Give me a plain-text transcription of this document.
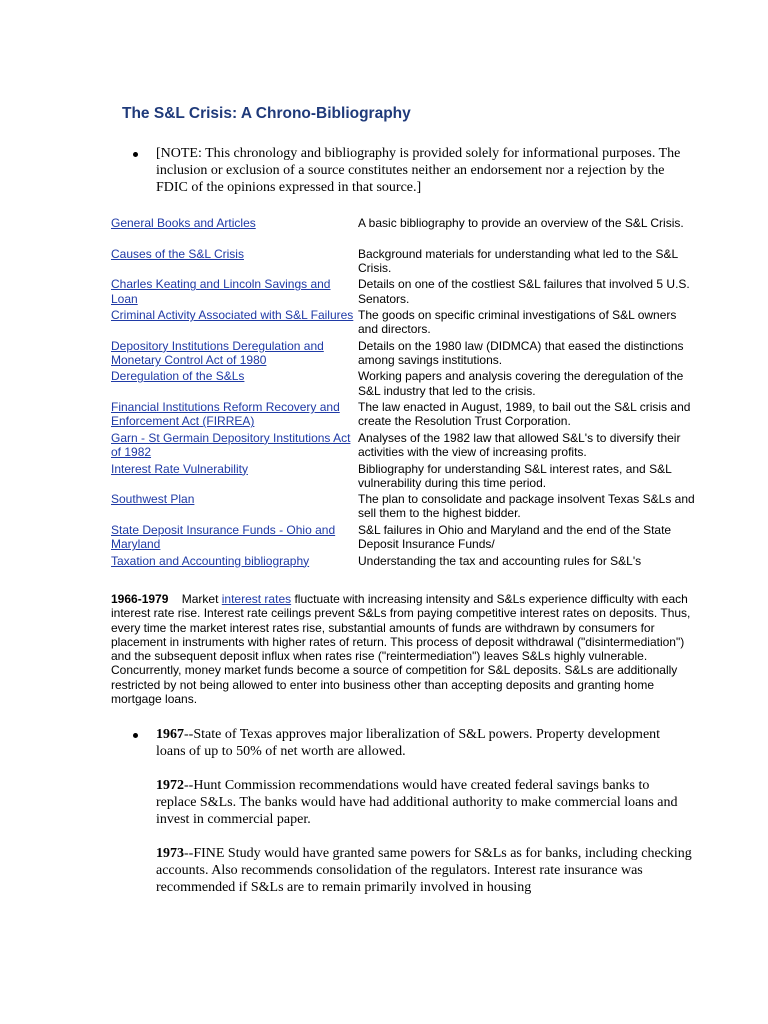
The S&L Crisis: A Chrono-Bibliography
[NOTE: This chronology and bibliography is provided solely for informational purposes. The inclusion or exclusion of a source constitutes neither an endorsement nor a rejection by the FDIC of the opinions expressed in that source.]
General Books and Articles	A basic bibliography to provide an overview of the S&L Crisis.
Causes of the S&L Crisis	Background materials for understanding what led to the S&L Crisis.
Charles Keating and Lincoln Savings and Loan	Details on one of the costliest S&L failures that involved 5 U.S. Senators.
Criminal Activity Associated with S&L Failures	The goods on specific criminal investigations of S&L owners and directors.
Depository Institutions Deregulation and Monetary Control Act of 1980	Details on the 1980 law (DIDMCA) that eased the distinctions among savings institutions.
Deregulation of the S&Ls	Working papers and analysis covering the deregulation of the S&L industry that led to the crisis.
Financial Institutions Reform Recovery and Enforcement Act (FIRREA)	The law enacted in August, 1989, to bail out the S&L crisis and create the Resolution Trust Corporation.
Garn - St Germain Depository Institutions Act of 1982	Analyses of the 1982 law that allowed S&L's to diversify their activities with the view of increasing profits.
Interest Rate Vulnerability	Bibliography for understanding S&L interest rates, and S&L vulnerability during this time period.
Southwest Plan	The plan to consolidate and package insolvent Texas S&Ls and sell them to the highest bidder.
State Deposit Insurance Funds - Ohio and Maryland	S&L failures in Ohio and Maryland and the end of the State Deposit Insurance Funds/
Taxation and Accounting bibliography	Understanding the tax and accounting rules for S&L's

1966-1979 Market interest rates fluctuate with increasing intensity and S&Ls experience difficulty with each interest rate rise. Interest rate ceilings prevent S&Ls from paying competitive interest rates on deposits. Thus, every time the market interest rates rise, substantial amounts of funds are withdrawn by consumers for placement in instruments with higher rates of return. This process of deposit withdrawal ("disintermediation") and the subsequent deposit influx when rates rise ("reintermediation") leaves S&Ls highly vulnerable. Concurrently, money market funds become a source of competition for S&L deposits. S&Ls are additionally restricted by not being allowed to enter into business other than accepting deposits and granting home mortgage loans.

1967--State of Texas approves major liberalization of S&L powers. Property development loans of up to 50% of net worth are allowed.
1972--Hunt Commission recommendations would have created federal savings banks to replace S&Ls. The banks would have had additional authority to make commercial loans and invest in commercial paper.
1973--FINE Study would have granted same powers for S&Ls as for banks, including checking accounts. Also recommends consolidation of the regulators. Interest rate insurance was recommended if S&Ls are to remain primarily involved in housing
